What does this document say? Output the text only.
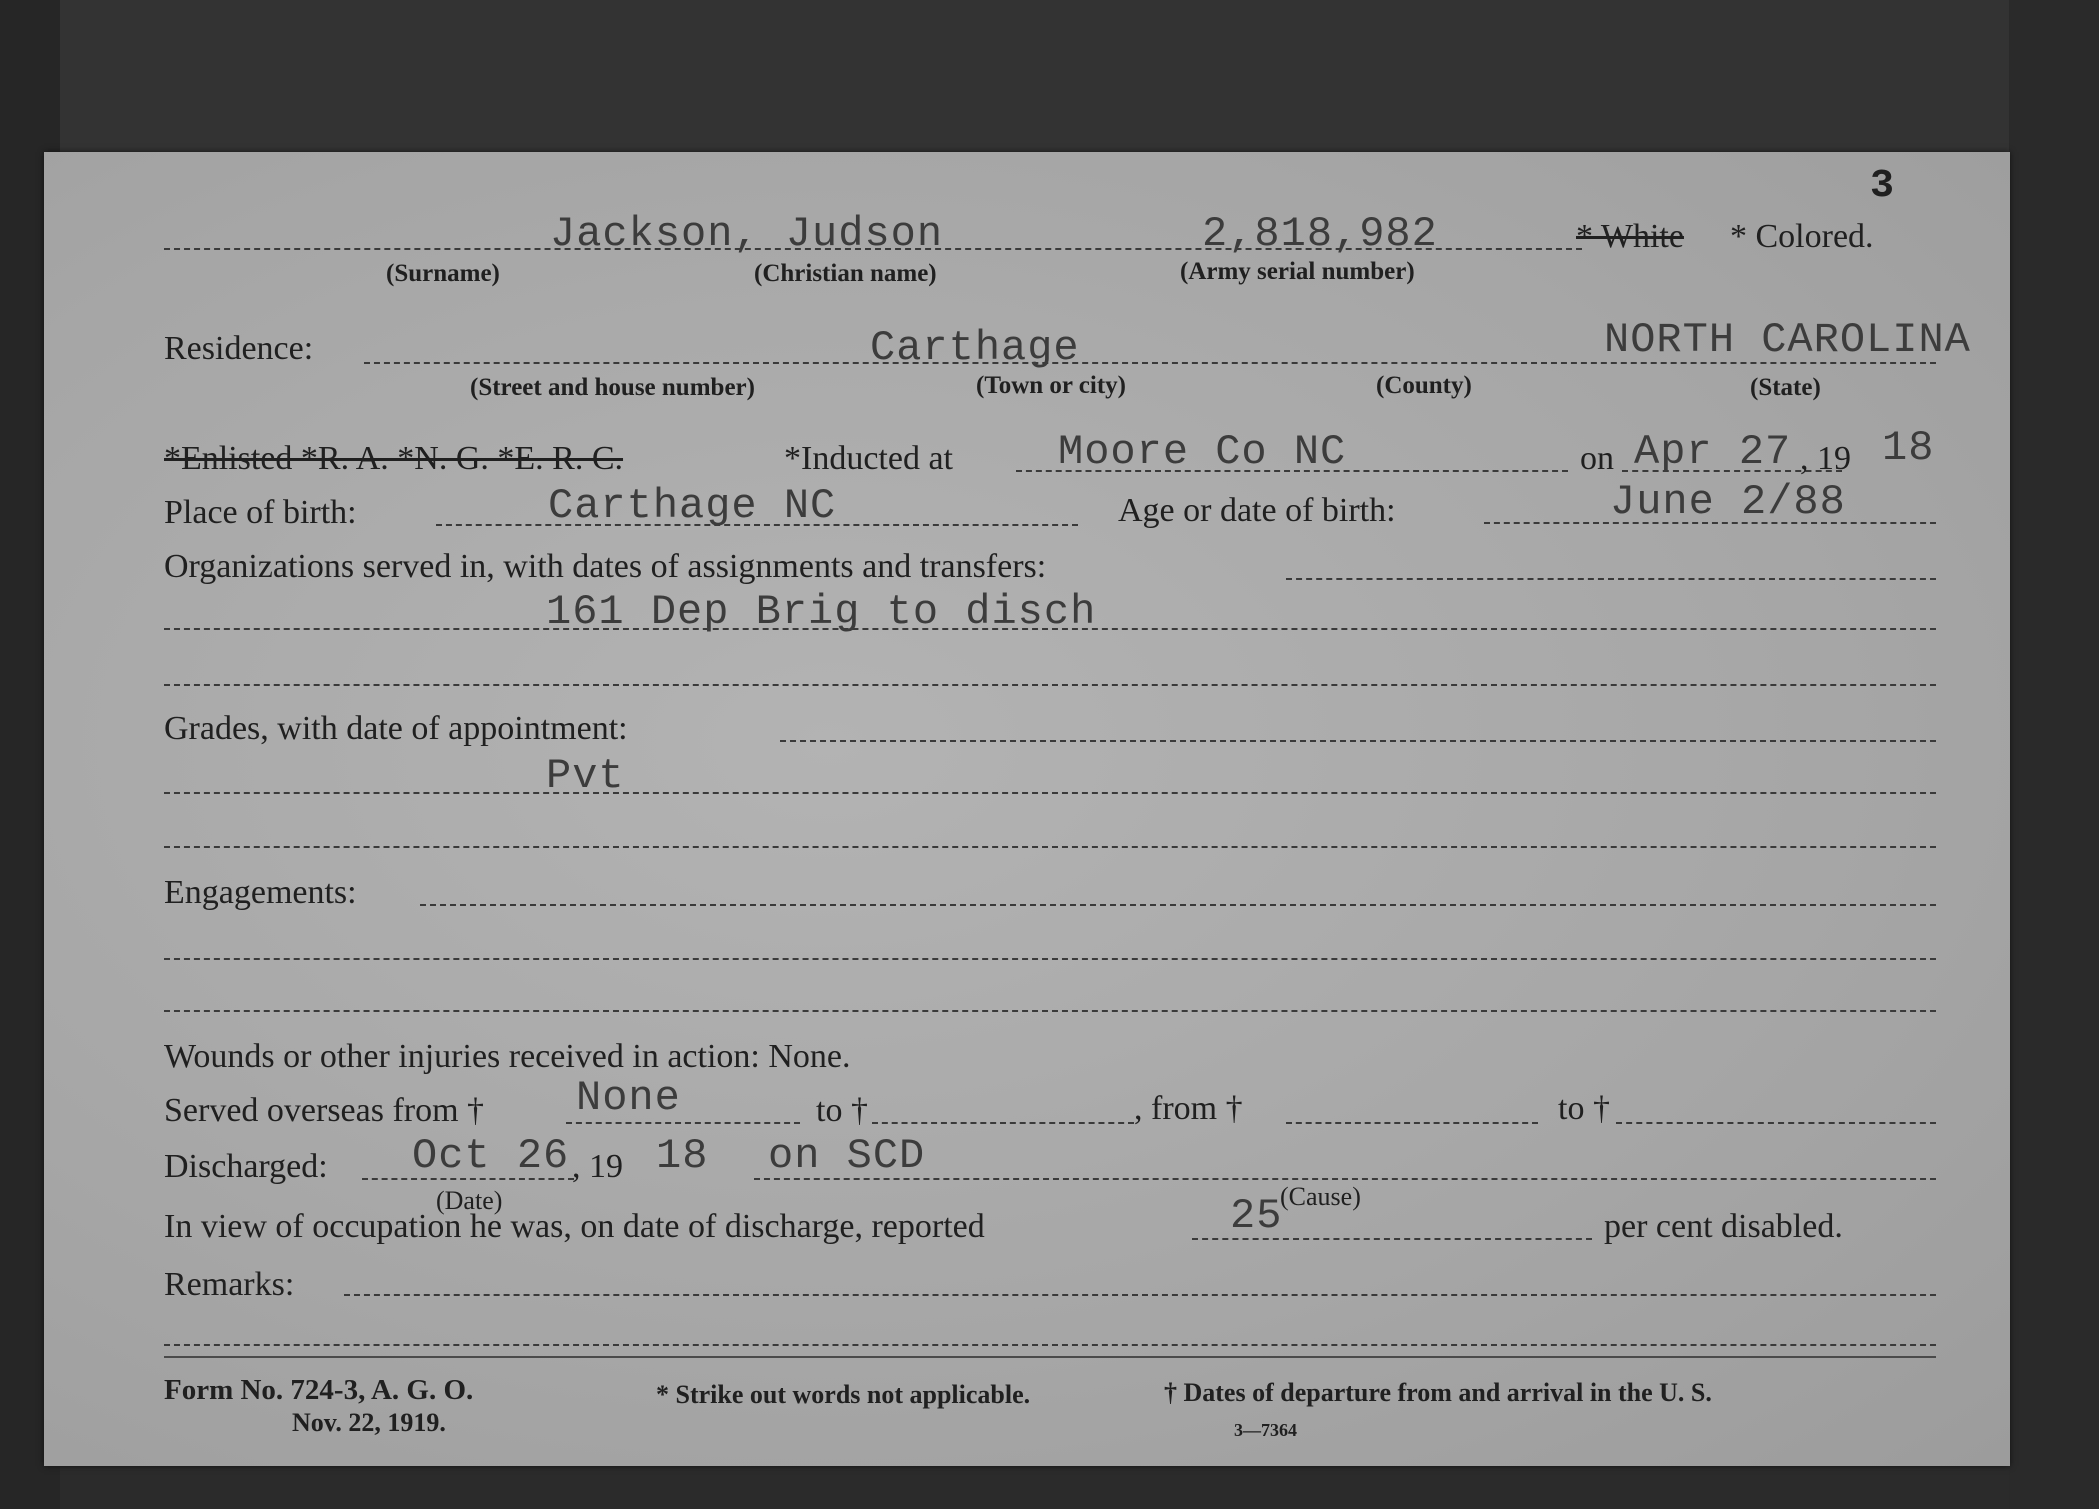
3
Jackson, Judson	2,818,982	* White * Colored.
(Surname)	(Christian name)	(Army serial number)
Residence:	Carthage	NORTH CAROLINA
(Street and house number)	(Town or city)	(County)	(State)
*Enlisted *R. A. *N. G. *E. R. C.	*Inducted at	Moore Co NC	on Apr 27 , 19 18
Place of birth:	Carthage NC	Age or date of birth:	June 2/88
Organizations served in, with dates of assignments and transfers:
161 Dep Brig to disch
Grades, with date of appointment:
Pvt
Engagements:
Wounds or other injuries received in action: None.
Served overseas from † None	to †	, from †	to †
Discharged: Oct 26 , 19 18 on SCD
(Date)	(Cause)
In view of occupation he was, on date of discharge, reported	25	per cent disabled.
Remarks:
Form No. 724-3, A. G. O.
Nov. 22, 1919.
* Strike out words not applicable.	† Dates of departure from and arrival in the U. S.
3—7364
